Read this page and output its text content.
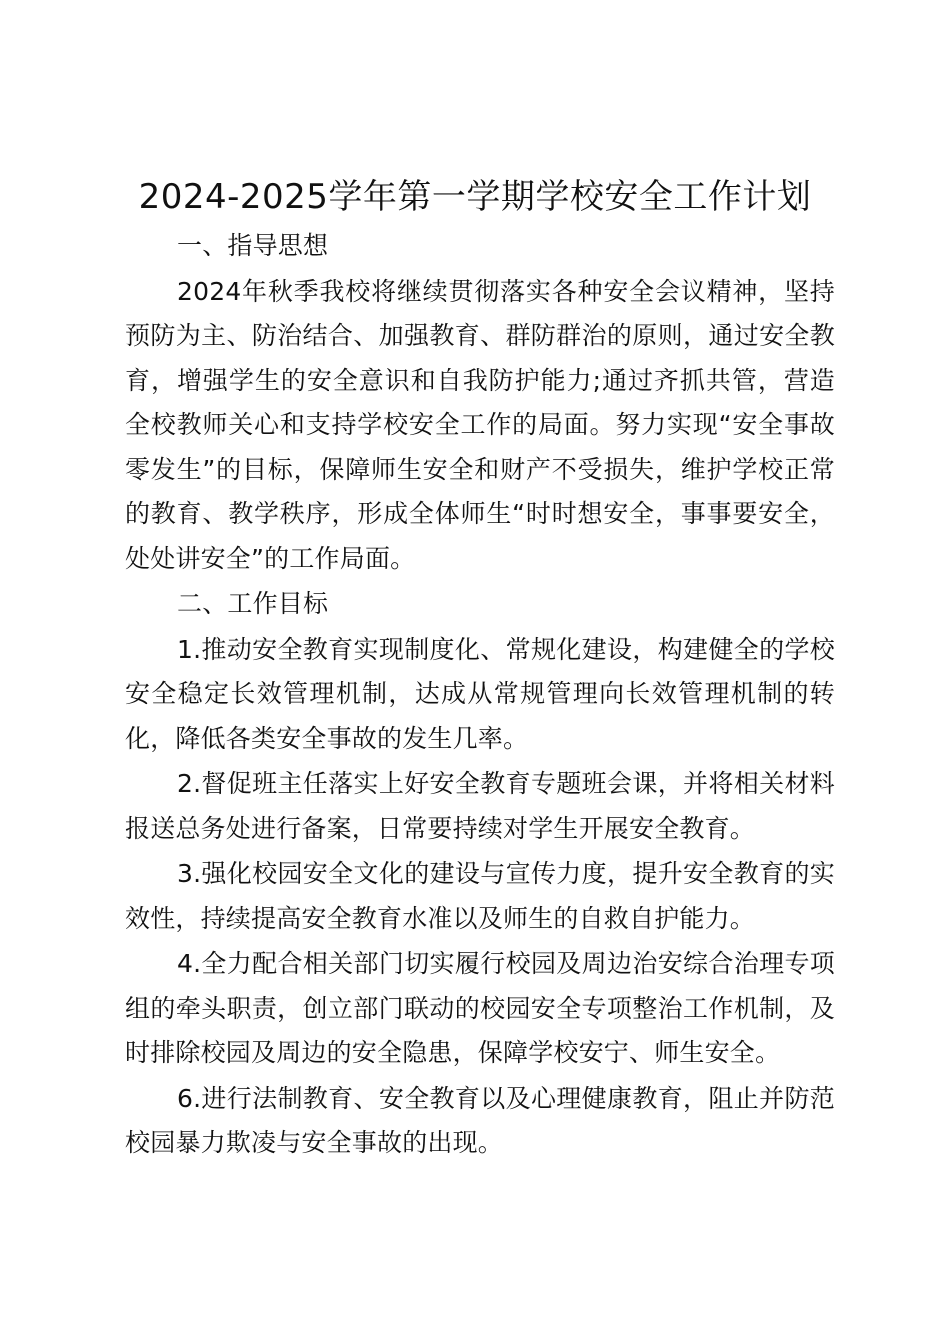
2024-2025学年第一学期学校安全工作计划

一、指导思想

2024年秋季我校将继续贯彻落实各种安全会议精神，坚持预防为主、防治结合、加强教育、群防群治的原则，通过安全教育，增强学生的安全意识和自我防护能力;通过齐抓共管，营造全校教师关心和支持学校安全工作的局面。努力实现“安全事故零发生”的目标，保障师生安全和财产不受损失，维护学校正常的教育、教学秩序，形成全体师生“时时想安全，事事要安全，处处讲安全”的工作局面。

二、工作目标

1.推动安全教育实现制度化、常规化建设，构建健全的学校安全稳定长效管理机制，达成从常规管理向长效管理机制的转化，降低各类安全事故的发生几率。

2.督促班主任落实上好安全教育专题班会课，并将相关材料报送总务处进行备案，日常要持续对学生开展安全教育。

3.强化校园安全文化的建设与宣传力度，提升安全教育的实效性，持续提高安全教育水准以及师生的自救自护能力。

4.全力配合相关部门切实履行校园及周边治安综合治理专项组的牵头职责，创立部门联动的校园安全专项整治工作机制，及时排除校园及周边的安全隐患，保障学校安宁、师生安全。

6.进行法制教育、安全教育以及心理健康教育，阻止并防范校园暴力欺凌与安全事故的出现。
